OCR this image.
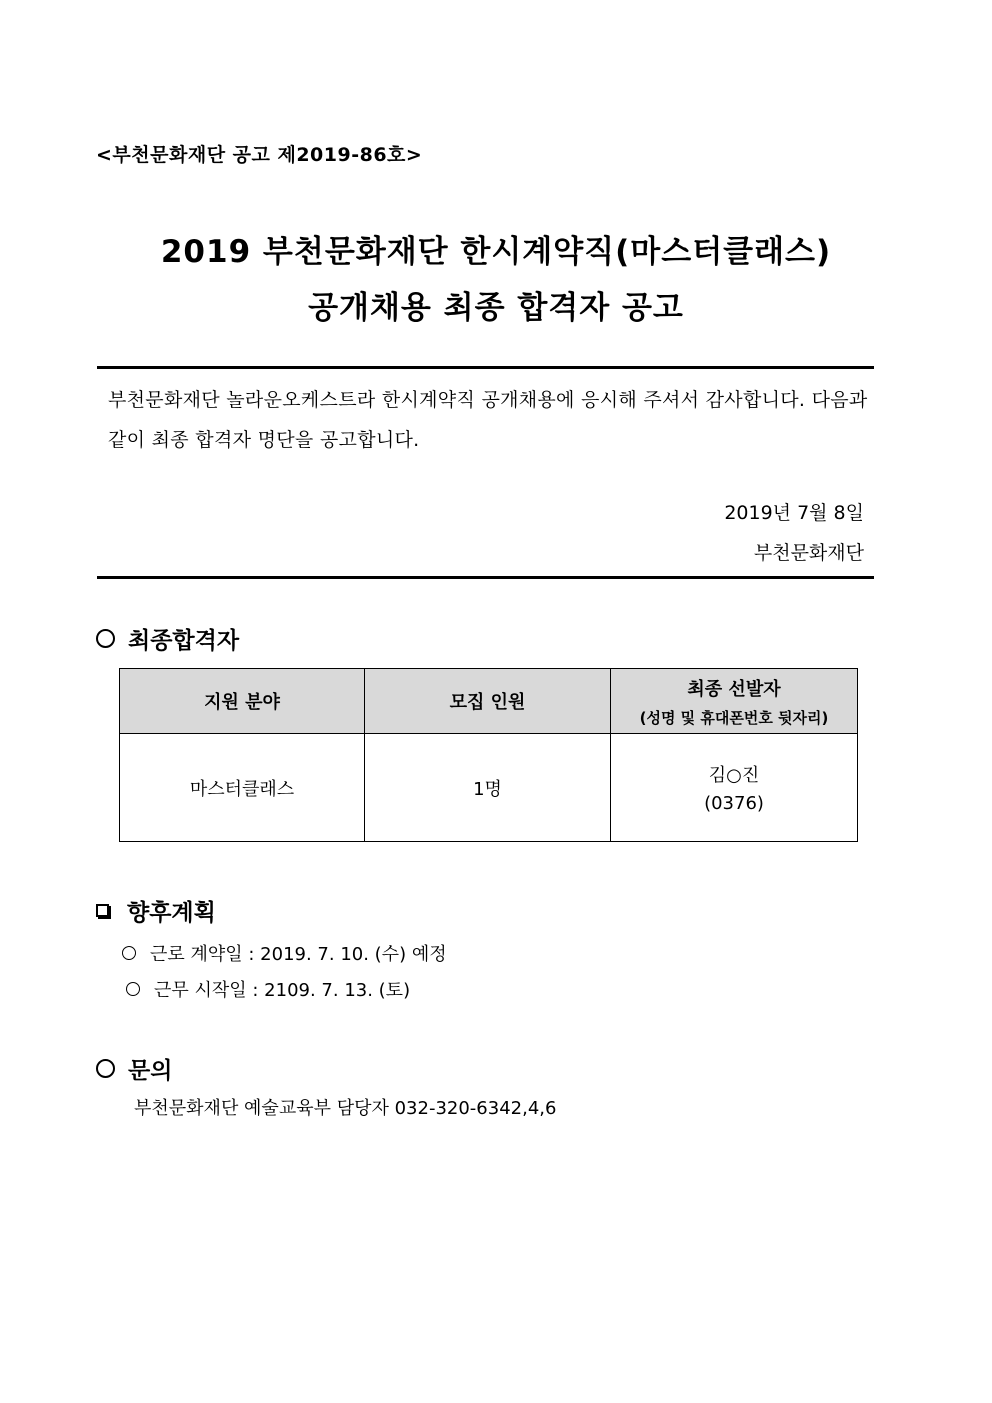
<부천문화재단 공고 제2019-86호>
2019 부천문화재단 한시계약직(마스터클래스)
공개채용 최종 합격자 공고
부천문화재단 놀라운오케스트라 한시계약직 공개채용에 응시해 주셔서 감사합니다. 다음과 같이 최종 합격자 명단을 공고합니다.
2019년 7월 8일
부천문화재단
최종합격자
지원 분야	모집 인원	최종 선발자
(성명 및 휴대폰번호 뒷자리)

마스터클래스	1명	김○진
(0376)
향후계획
근로 계약일 : 2019. 7. 10. (수) 예정
근무 시작일 : 2109. 7. 13. (토)
문의
부천문화재단 예술교육부 담당자 032-320-6342,4,6
